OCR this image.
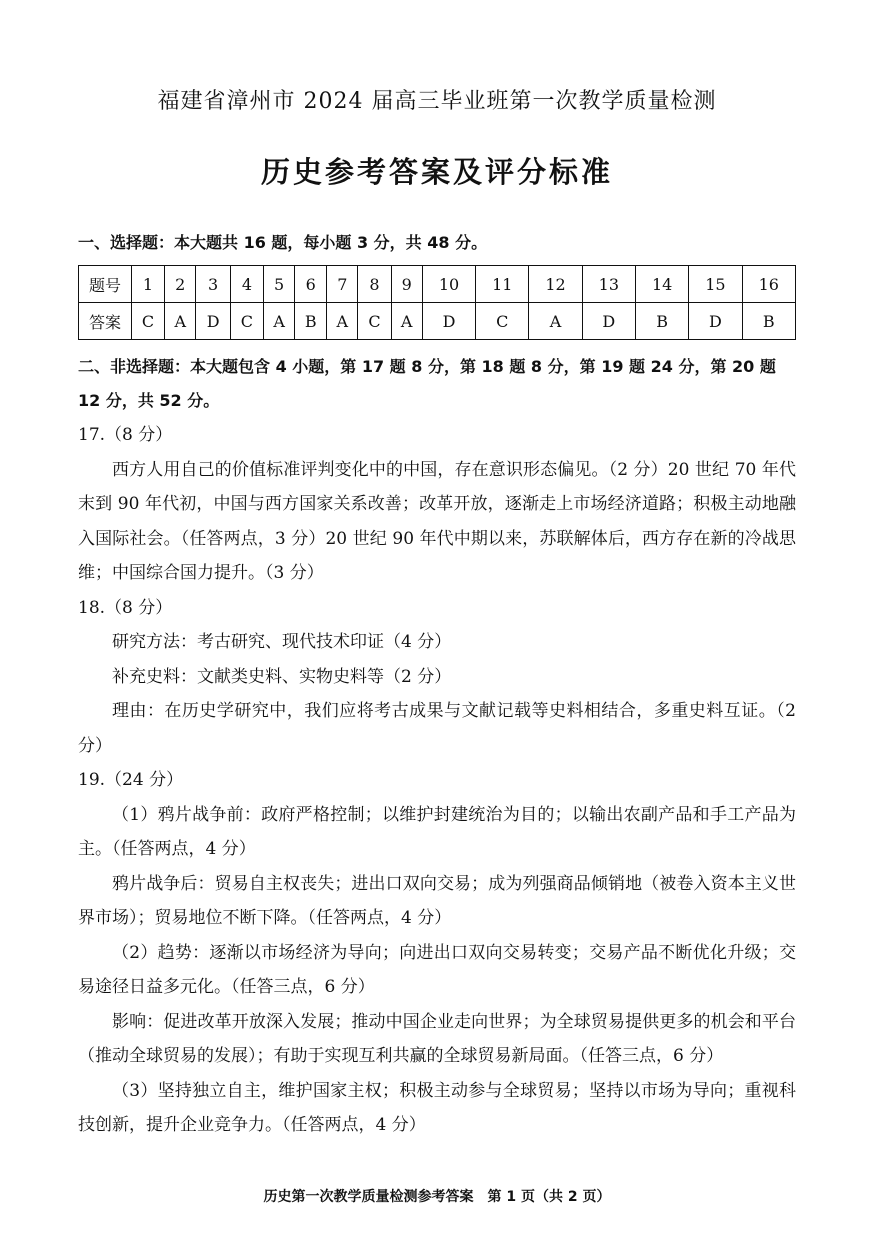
福建省漳州市 2024 届高三毕业班第一次教学质量检测
历史参考答案及评分标准
一、选择题：本大题共 16 题，每小题 3 分，共 48 分。
题号	1	2	3	4	5	6	7	8	9	10	11	12	13	14	15	16
答案	C	A	D	C	A	B	A	C	A	D	C	A	D	B	D	B
二、非选择题：本大题包含 4 小题，第 17 题 8 分，第 18 题 8 分，第 19 题 24 分，第 20 题 12 分，共 52 分。

17.（8 分）

西方人用自己的价值标准评判变化中的中国，存在意识形态偏见。（2 分）20 世纪 70 年代末到 90 年代初，中国与西方国家关系改善；改革开放，逐渐走上市场经济道路；积极主动地融入国际社会。（任答两点，3 分）20 世纪 90 年代中期以来，苏联解体后，西方存在新的冷战思维；中国综合国力提升。（3 分）

18.（8 分）

研究方法：考古研究、现代技术印证（4 分）

补充史料：文献类史料、实物史料等（2 分）

理由：在历史学研究中，我们应将考古成果与文献记载等史料相结合，多重史料互证。（2 分）

19.（24 分）

（1）鸦片战争前：政府严格控制；以维护封建统治为目的；以输出农副产品和手工产品为主。（任答两点，4 分）

鸦片战争后：贸易自主权丧失；进出口双向交易；成为列强商品倾销地（被卷入资本主义世界市场）；贸易地位不断下降。（任答两点，4 分）

（2）趋势：逐渐以市场经济为导向；向进出口双向交易转变；交易产品不断优化升级；交易途径日益多元化。（任答三点，6 分）

影响：促进改革开放深入发展；推动中国企业走向世界；为全球贸易提供更多的机会和平台（推动全球贸易的发展）；有助于实现互利共赢的全球贸易新局面。（任答三点，6 分）

（3）坚持独立自主，维护国家主权；积极主动参与全球贸易；坚持以市场为导向；重视科技创新，提升企业竞争力。（任答两点，4 分）

历史第一次教学质量检测参考答案　第 1 页（共 2 页）
